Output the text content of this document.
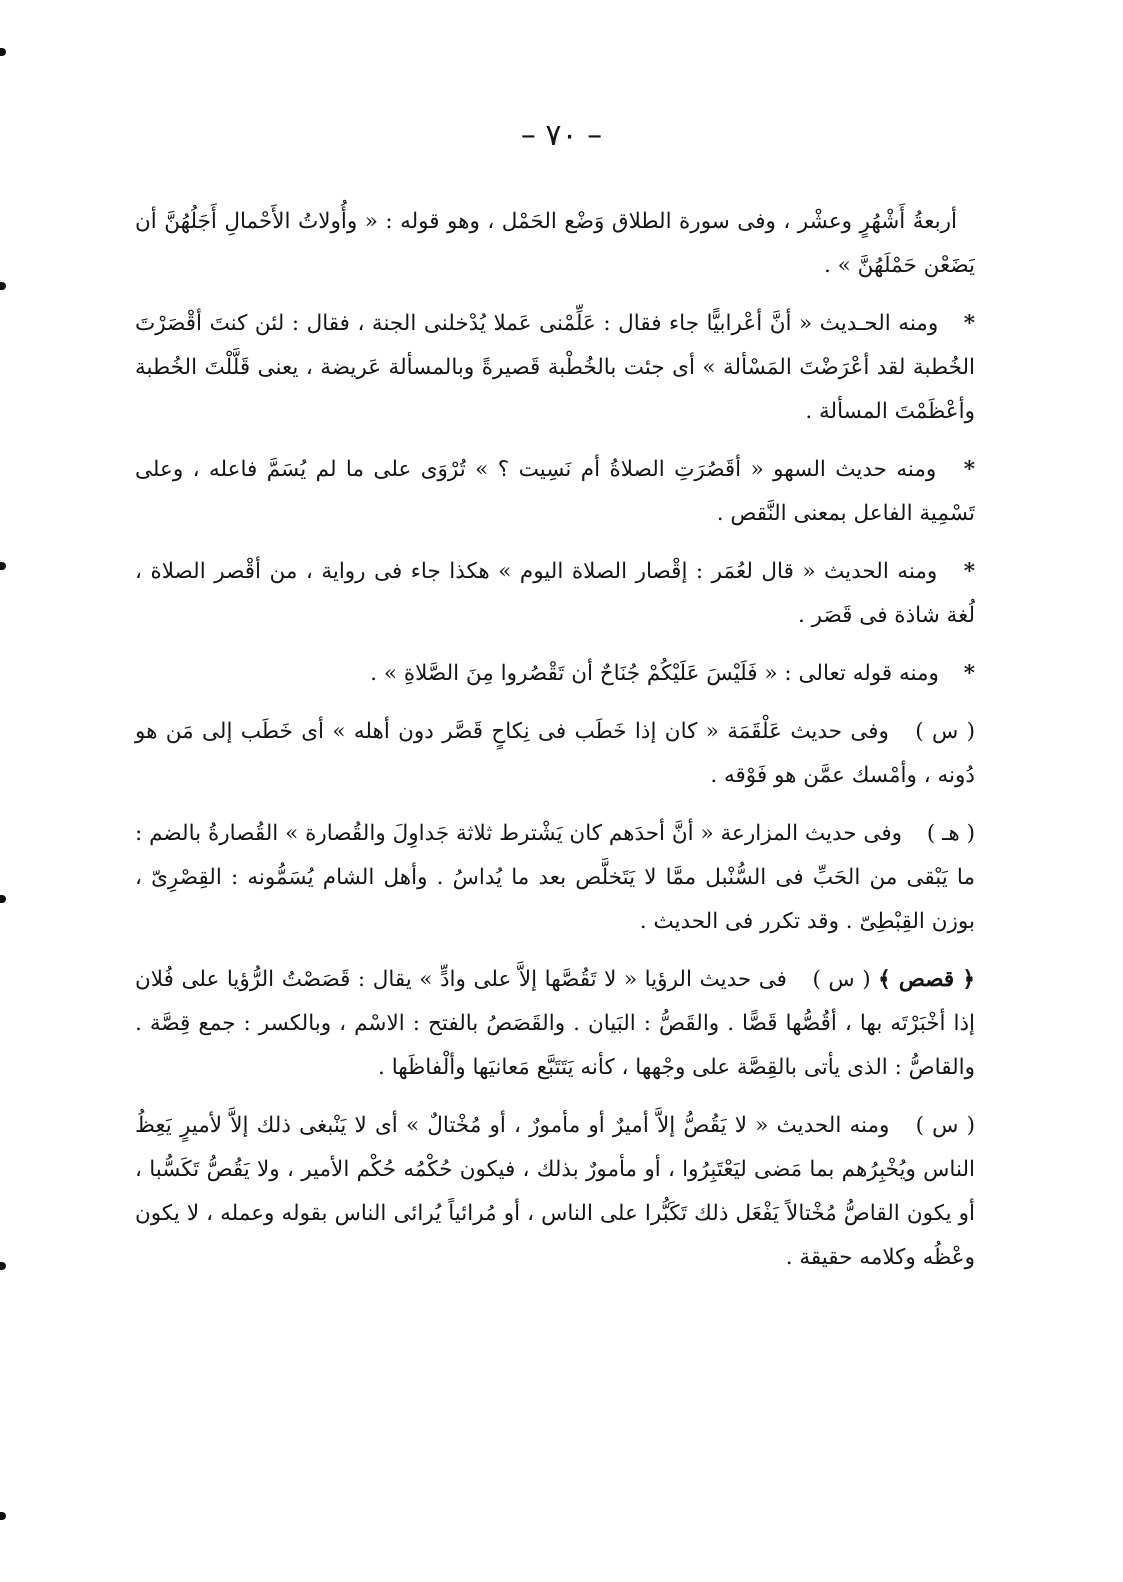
– ٧٠ –

أربعةُ أَشْهُرٍ وعشْر ، وفى سورة الطلاق وَضْع الحَمْل ، وهو قوله : « وأُولاتُ الأَحْمالِ أَجَلُهُنَّ أن يَضَعْن حَمْلَهُنَّ » .

* ومنه الحـديث « أنَّ أعْرابيًّا جاء فقال : عَلِّمْنى عَملا يُدْخلنى الجنة ، فقال : لئن كنتَ أقْصَرْتَ الخُطبة لقد أعْرَضْتَ المَسْألة » أى جئت بالخُطْبة قَصيرةً وبالمسألة عَريضة ، يعنى قَلَّلْتَ الخُطبة وأعْظَمْتَ المسألة .

* ومنه حديث السهو « أقَصُرَتِ الصلاةُ أم نَسِيت ؟ » تُرْوَى على ما لم يُسَمَّ فاعله ، وعلى تَسْمِية الفاعل بمعنى النَّقص .

* ومنه الحديث « قال لعُمَر : إقْصار الصلاة اليوم » هكذا جاء فى رواية ، من أقْصر الصلاة ، لُغة شاذة فى قَصَر .

* ومنه قوله تعالى : « فَلَيْسَ عَلَيْكُمْ جُنَاحٌ أن تَقْصُروا مِنَ الصَّلاةِ » .

( س ) وفى حديث عَلْقَمَة « كان إذا خَطَب فى نِكاحٍ قَصَّر دون أهله » أى خَطَب إلى مَن هو دُونه ، وأمْسك عمَّن هو فَوْقه .

( هـ ) وفى حديث المزارعة « أنَّ أحدَهم كان يَشْترط ثلاثة جَداوِلَ والقُصارة » القُصارةُ بالضم : ما يَبْقى من الحَبِّ فى السُّنْبل ممَّا لا يَتَخلَّص بعد ما يُداسُ . وأهل الشام يُسَمُّونه : القِصْرِىّ ، بوزن القِبْطِىّ . وقد تكرر فى الحديث .

﴿ قصص ﴾ ( س ) فى حديث الرؤيا « لا تَقُصَّها إلاَّ على وادٍّ » يقال : قَصَصْتُ الرُّؤيا على فُلان إذا أخْبَرْتَه بها ، أقُصُّها قَصًّا . والقَصُّ : البَيان . والقَصَصُ بالفتح : الاسْم ، وبالكسر : جمع قِصَّة . والقاصُّ : الذى يأتى بالقِصَّة على وجْهها ، كأنه يَتَتَبَّع مَعانيَها وألْفاظَها .

( س ) ومنه الحديث « لا يَقُصُّ إلاَّ أميرٌ أو مأمورٌ ، أو مُخْتالٌ » أى لا يَنْبغى ذلك إلاَّ لأميرٍ يَعِظُ الناس ويُخْبِرُهم بما مَضى ليَعْتَبِرُوا ، أو مأمورٌ بذلك ، فيكون حُكْمُه حُكْم الأمير ، ولا يَقُصُّ تَكَسُّبا ، أو يكون القاصُّ مُخْتالاً يَفْعَل ذلك تَكَبُّرا على الناس ، أو مُرائياً يُرائى الناس بقوله وعمله ، لا يكون وعْظُه وكلامه حقيقة .
